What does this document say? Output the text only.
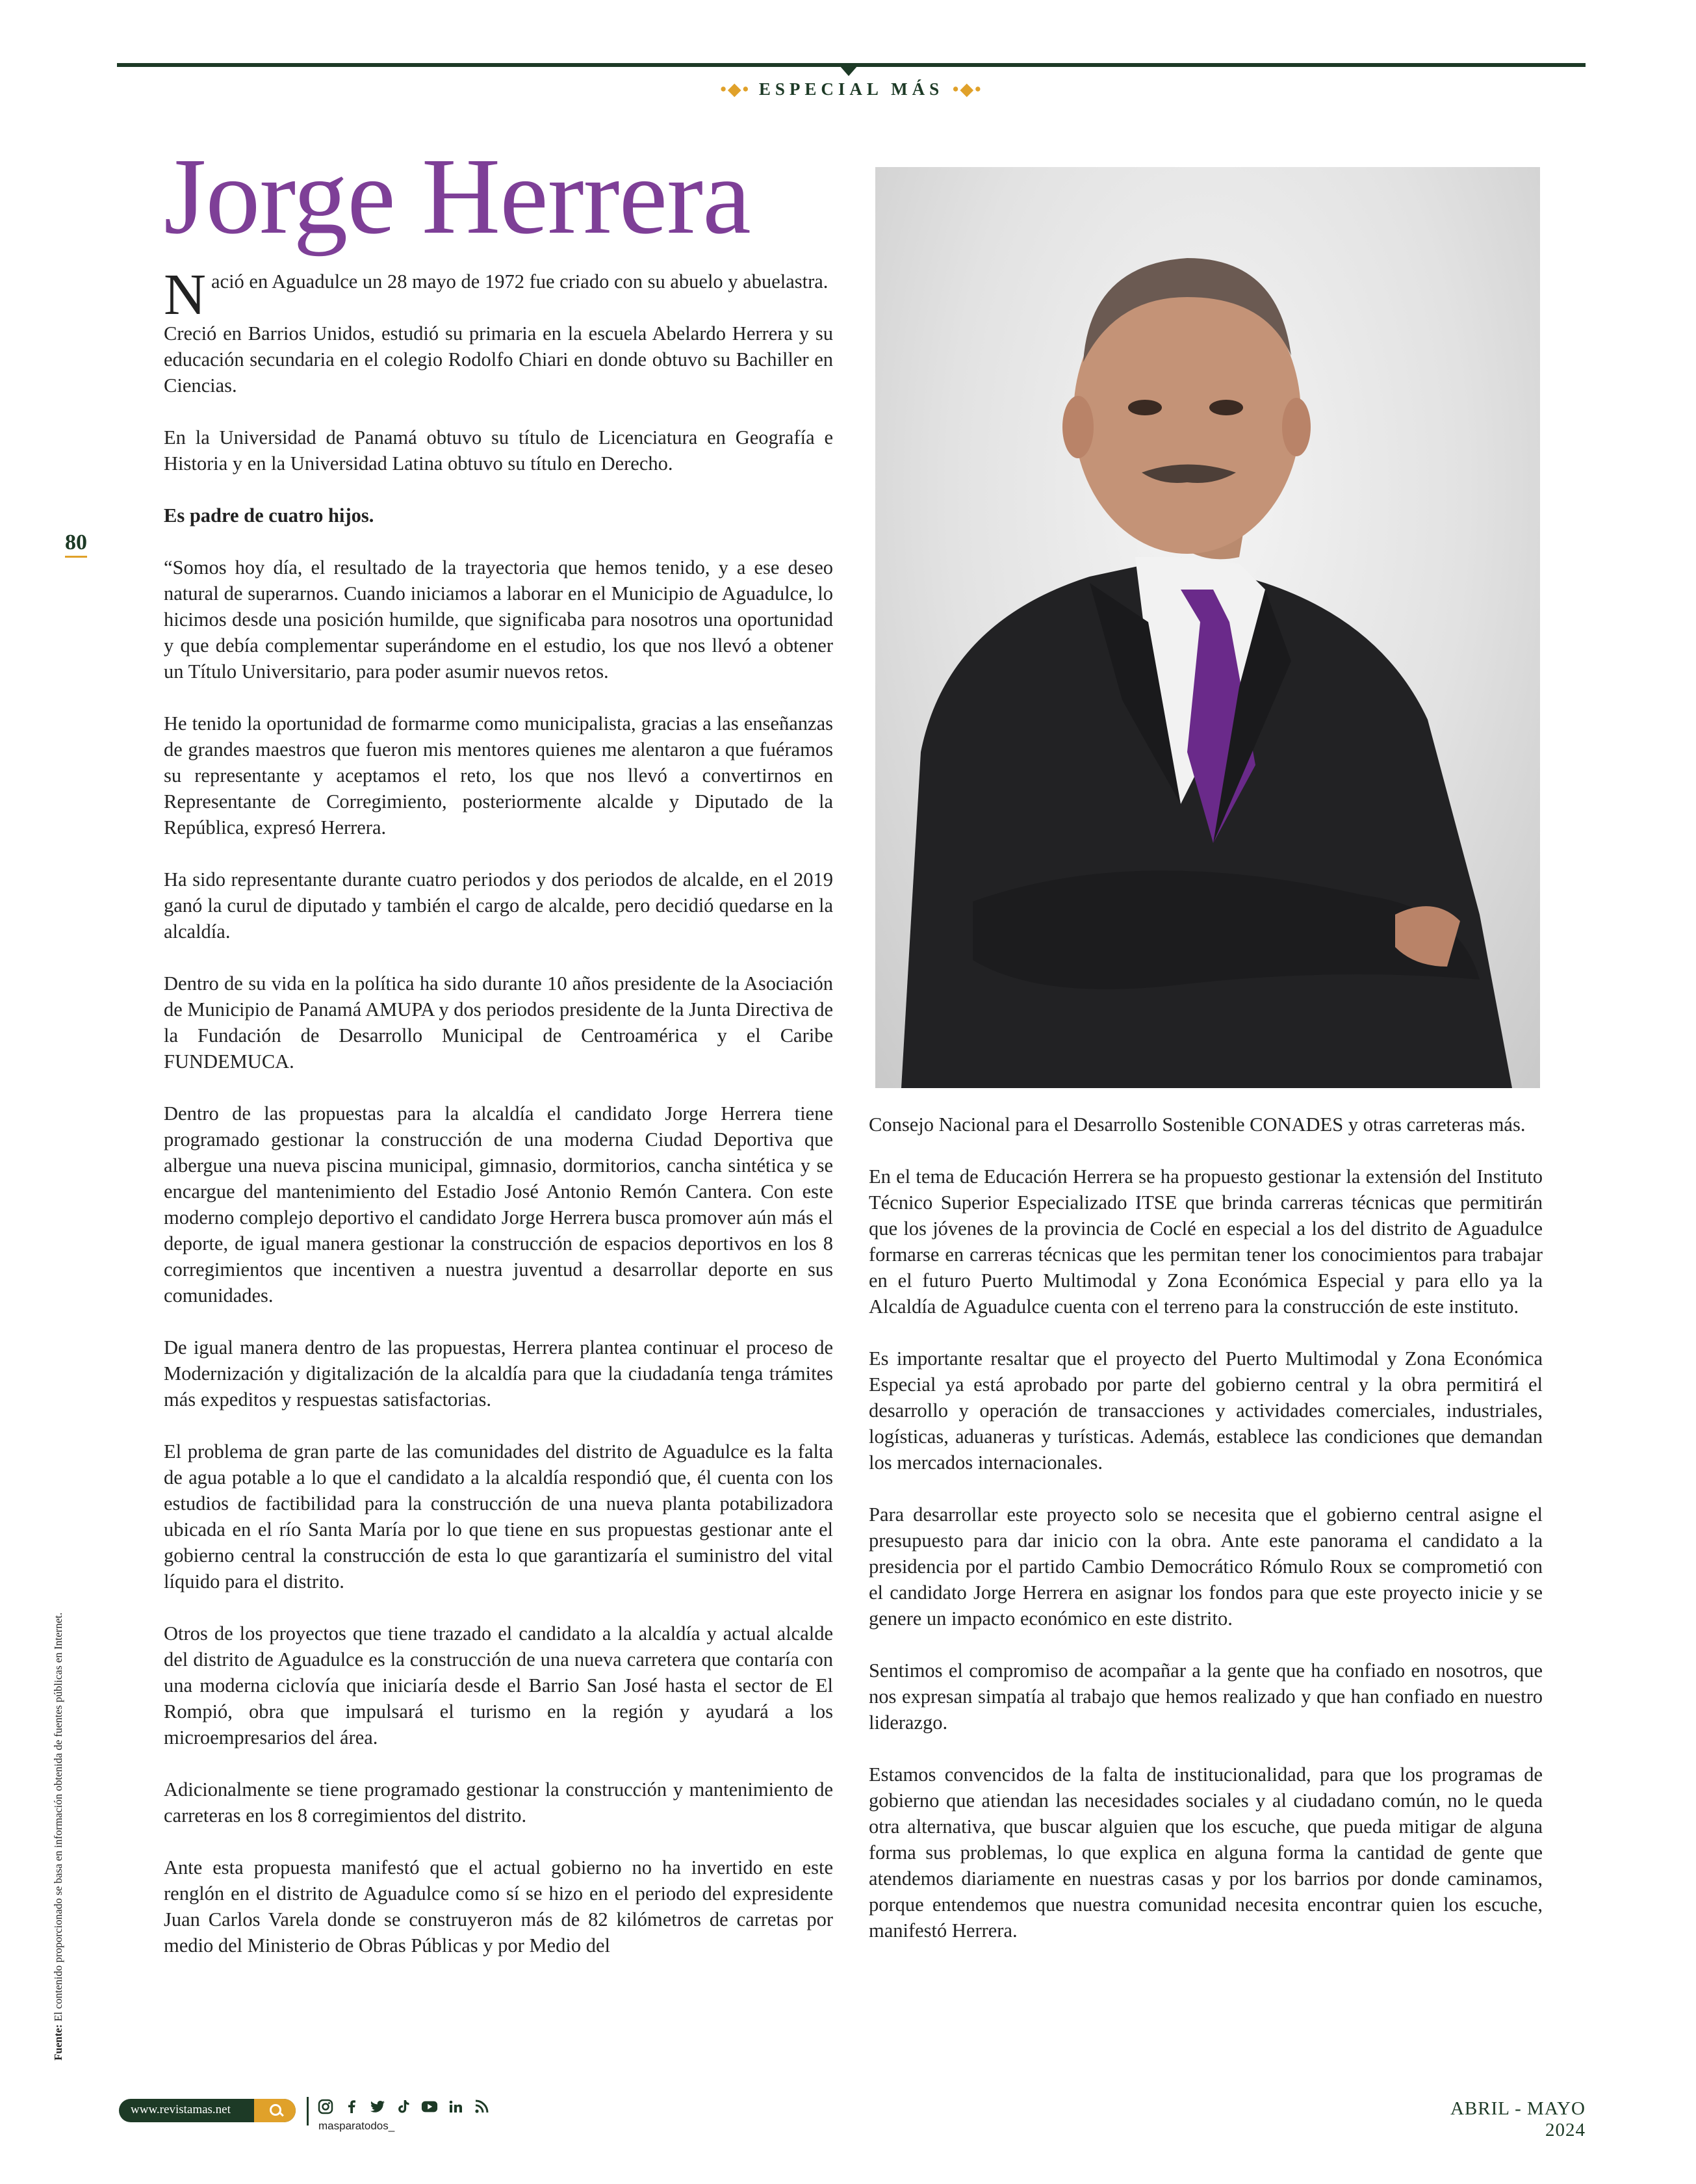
•◆• ESPECIAL MÁS •◆•
Jorge Herrera
80

Nació en Aguadulce un 28 mayo de 1972 fue criado con su abuelo y abuelastra.

Creció en Barrios Unidos, estudió su primaria en la escuela Abelardo Herrera y su educación secundaria en el colegio Rodolfo Chiari en donde obtuvo su Bachiller en Ciencias.

En la Universidad de Panamá obtuvo su título de Licenciatura en Geografía e Historia y en la Universidad Latina obtuvo su título en Derecho.

Es padre de cuatro hijos.

“Somos hoy día, el resultado de la trayectoria que hemos tenido, y a ese deseo natural de superarnos. Cuando iniciamos a laborar en el Municipio de Aguadulce, lo hicimos desde una posición humilde, que significaba para nosotros una oportunidad y que debía complementar superándome en el estudio, los que nos llevó a obtener un Título Universitario, para poder asumir nuevos retos.

He tenido la oportunidad de formarme como municipalista, gracias a las enseñanzas de grandes maestros que fueron mis mentores quienes me alentaron a que fuéramos su representante y aceptamos el reto, los que nos llevó a convertirnos en Representante de Corregimiento, posteriormente alcalde y Diputado de la República, expresó Herrera.

Ha sido representante durante cuatro periodos y dos periodos de alcalde, en el 2019 ganó la curul de diputado y también el cargo de alcalde, pero decidió quedarse en la alcaldía.

Dentro de su vida en la política ha sido durante 10 años presidente de la Asociación de Municipio de Panamá AMUPA y dos periodos presidente de la Junta Directiva de la Fundación de Desarrollo Municipal de Centroamérica y el Caribe FUNDEMUCA.

Dentro de las propuestas para la alcaldía el candidato Jorge Herrera tiene programado gestionar la construcción de una moderna Ciudad Deportiva que albergue una nueva piscina municipal, gimnasio, dormitorios, cancha sintética y se encargue del mantenimiento del Estadio José Antonio Remón Cantera. Con este moderno complejo deportivo el candidato Jorge Herrera busca promover aún más el deporte, de igual manera gestionar la construcción de espacios deportivos en los 8 corregimientos que incentiven a nuestra juventud a desarrollar deporte en sus comunidades.

De igual manera dentro de las propuestas, Herrera plantea continuar el proceso de Modernización y digitalización de la alcaldía para que la ciudadanía tenga trámites más expeditos y respuestas satisfactorias.

El problema de gran parte de las comunidades del distrito de Aguadulce es la falta de agua potable a lo que el candidato a la alcaldía respondió que, él cuenta con los estudios de factibilidad para la construcción de una nueva planta potabilizadora ubicada en el río Santa María por lo que tiene en sus propuestas gestionar ante el gobierno central la construcción de esta lo que garantizaría el suministro del vital líquido para el distrito.

Otros de los proyectos que tiene trazado el candidato a la alcaldía y actual alcalde del distrito de Aguadulce es la construcción de una nueva carretera que contaría con una moderna ciclovía que iniciaría desde el Barrio San José hasta el sector de El Rompió, obra que impulsará el turismo en la región y ayudará a los microempresarios del área.

Adicionalmente se tiene programado gestionar la construcción y mantenimiento de carreteras en los 8 corregimientos del distrito.

Ante esta propuesta manifestó que el actual gobierno no ha invertido en este renglón en el distrito de Aguadulce como sí se hizo en el periodo del expresidente Juan Carlos Varela donde se construyeron más de 82 kilómetros de carretas por medio del Ministerio de Obras Públicas y por Medio del

Consejo Nacional para el Desarrollo Sostenible CONADES y otras carreteras más.

En el tema de Educación Herrera se ha propuesto gestionar la extensión del Instituto Técnico Superior Especializado ITSE que brinda carreras técnicas que permitirán que los jóvenes de la provincia de Coclé en especial a los del distrito de Aguadulce formarse en carreras técnicas que les permitan tener los conocimientos para trabajar en el futuro Puerto Multimodal y Zona Económica Especial y para ello ya la Alcaldía de Aguadulce cuenta con el terreno para la construcción de este instituto.

Es importante resaltar que el proyecto del Puerto Multimodal y Zona Económica Especial ya está aprobado por parte del gobierno central y la obra permitirá el desarrollo y operación de transacciones y actividades comerciales, industriales, logísticas, aduaneras y turísticas. Además, establece las condiciones que demandan los mercados internacionales.

Para desarrollar este proyecto solo se necesita que el gobierno central asigne el presupuesto para dar inicio con la obra. Ante este panorama el candidato a la presidencia por el partido Cambio Democrático Rómulo Roux se comprometió con el candidato Jorge Herrera en asignar los fondos para que este proyecto inicie y se genere un impacto económico en este distrito.

Sentimos el compromiso de acompañar a la gente que ha confiado en nosotros, que nos expresan simpatía al trabajo que hemos realizado y que han confiado en nuestro liderazgo.

Estamos convencidos de la falta de institucionalidad, para que los programas de gobierno que atiendan las necesidades sociales y al ciudadano común, no le queda otra alternativa, que buscar alguien que los escuche, que pueda mitigar de alguna forma sus problemas, lo que explica en alguna forma la cantidad de gente que atendemos diariamente en nuestras casas y por los barrios por donde caminamos, porque entendemos que nuestra comunidad necesita encontrar quien los escuche, manifestó Herrera.

Fuente: El contenido proporcionado se basa en información obtenida de fuentes públicas en Internet.
www.revistamas.net
masparatodos_
ABRIL - MAYO 2024
